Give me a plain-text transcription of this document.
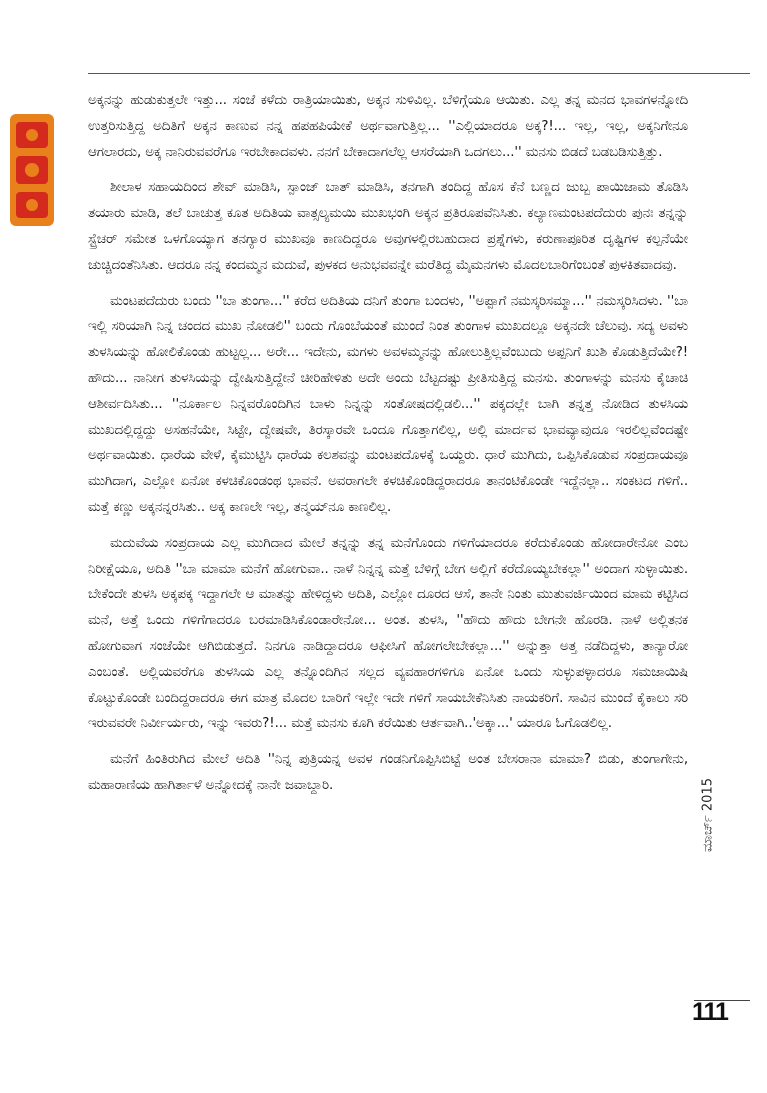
ಅಕ್ಕನನ್ನು ಹುಡುಕುತ್ತಲೇ ಇತ್ತು... ಸಂಜೆ ಕಳೆದು ರಾತ್ರಿಯಾಯಿತು, ಅಕ್ಕನ ಸುಳಿವಿಲ್ಲ. ಬೆಳಿಗ್ಗೆಯೂ ಆಯಿತು. ಎಲ್ಲ ತನ್ನ ಮನದ ಭಾವಗಳನ್ನೋದಿ ಉತ್ತರಿಸುತ್ತಿದ್ದ ಅದಿತಿಗೆ ಅಕ್ಕನ ಕಾಣುವ ನನ್ನ ಹಪಹಪಿಯೇಕೆ ಅರ್ಥವಾಗುತ್ತಿಲ್ಲ... ''ಎಲ್ಲಿಯಾದರೂ ಅಕ್ಕ?!... ಇಲ್ಲ, ಇಲ್ಲ, ಅಕ್ಕನಿಗೇನೂ ಆಗಲಾರದು, ಅಕ್ಕ ನಾನಿರುವವರೆಗೂ ಇರಬೇಕಾದವಳು. ನನಗೆ ಬೇಕಾದಾಗಲೆಲ್ಲ ಆಸರೆಯಾಗಿ ಒದಗಲು...'' ಮನಸು ಬಿಡದೆ ಬಡಬಡಿಸುತ್ತಿತ್ತು.

ಶೀಲಾಳ ಸಹಾಯದಿಂದ ಶೇವ್ ಮಾಡಿಸಿ, ಸ್ಪಾಂಜ್ ಬಾತ್ ಮಾಡಿಸಿ, ತನಗಾಗಿ ತಂದಿದ್ದ ಹೊಸ ಕೆನೆ ಬಣ್ಣದ ಜುಬ್ಬ ಪಾಯಿಜಾಮ ತೊಡಿಸಿ ತಯಾರು ಮಾಡಿ, ತಲೆ ಬಾಚುತ್ತ ಕೂತ ಅದಿತಿಯ ವಾತ್ಸಲ್ಯಮಯಿ ಮುಖಭಂಗಿ ಅಕ್ಕನ ಪ್ರತಿರೂಪವೆನಿಸಿತು. ಕಲ್ಯಾಣಮಂಟಪದೆದುರು ಪುನಃ ತನ್ನನ್ನು ಸ್ಟ್ರೆಚರ್ ಸಮೇತ ಒಳಗೊಯ್ಯಾಗ ತನಗ್ಯಾರ ಮುಖವೂ ಕಾಣದಿದ್ದರೂ ಅವುಗಳಲ್ಲಿರಬಹುದಾದ ಪ್ರಶ್ನೆಗಳು, ಕರುಣಾಪೂರಿತ ದೃಷ್ಟಿಗಳ ಕಲ್ಪನೆಯೇ ಚುಚ್ಚಿದಂತೆನಿಸಿತು. ಆದರೂ ನನ್ನ ಕಂದಮ್ಮನ ಮದುವೆ, ಪುಳಕದ ಅನುಭವವನ್ನೇ ಮರೆತಿದ್ದ ಮೈಮನಗಳು ಮೊದಲಬಾರಿಗೆಂಬಂತೆ ಪುಳಕಿತವಾದವು.

ಮಂಟಪದೆದುರು ಬಂದು ''ಬಾ ತುಂಗಾ...'' ಕರೆದ ಅದಿತಿಯ ದನಿಗೆ ತುಂಗಾ ಬಂದಳು, ''ಅಪ್ಪಾಗೆ ನಮಸ್ಕರಿಸಮ್ಮಾ...'' ನಮಸ್ಕರಿಸಿದಳು. ''ಬಾ ಇಲ್ಲಿ ಸರಿಯಾಗಿ ನಿನ್ನ ಚಂದದ ಮುಖ ನೋಡಲಿ'' ಬಂದು ಗೊಂಬೆಯಂತೆ ಮುಂದೆ ನಿಂತ ತುಂಗಾಳ ಮುಖದಲ್ಲೂ ಅಕ್ಕನದೇ ಚೆಲುವು. ಸದ್ಯ ಅವಳು ತುಳಸಿಯನ್ನು ಹೋಲಿಕೊಂಡು ಹುಟ್ಟಲ್ಲ... ಅರೇ... ಇದೇನು, ಮಗಳು ಅವಳಮ್ಮನನ್ನು ಹೋಲುತ್ತಿಲ್ಲವೆಂಬುದು ಅಪ್ಪನಿಗೆ ಖುಶಿ ಕೊಡುತ್ತಿದೆಯೇ?! ಹೌದು... ನಾನೀಗ ತುಳಸಿಯನ್ನು ದ್ವೇಷಿಸುತ್ತಿದ್ದೇನೆ ಚೀರಿಹೇಳಿತು ಅದೇ ಅಂದು ಬೆಟ್ಟದಷ್ಟು ಪ್ರೀತಿಸುತ್ತಿದ್ದ ಮನಸು. ತುಂಗಾಳನ್ನು ಮನಸು ಕೈಚಾಚಿ ಆಶೀರ್ವದಿಸಿತು... ''ನೂರ್ಕಾಲ ನಿನ್ನವರೊಂದಿಗಿನ ಬಾಳು ನಿನ್ನನ್ನು ಸಂತೋಷದಲ್ಲಿಡಲಿ...'' ಪಕ್ಕದಲ್ಲೇ ಬಾಗಿ ತನ್ನತ್ತ ನೋಡಿದ ತುಳಸಿಯ ಮುಖದಲ್ಲಿದ್ದದ್ದು ಅಸಹನೆಯೇ, ಸಿಟ್ಟೇ, ದ್ವೇಷವೇ, ತಿರಸ್ಕಾರವೇ ಒಂದೂ ಗೊತ್ತಾಗಲಿಲ್ಲ, ಅಲ್ಲಿ ಮಾರ್ದವ ಭಾವವ್ಯಾವುದೂ ಇರಲಿಲ್ಲವೆಂದಷ್ಟೇ ಅರ್ಥವಾಯಿತು. ಧಾರೆಯ ವೇಳೆ, ಕೈಮುಟ್ಟಿಸಿ ಧಾರೆಯ ಕಲಶವನ್ನು ಮಂಟಪದೊಳಕ್ಕೆ ಒಯ್ದರು. ಧಾರೆ ಮುಗಿದು, ಒಪ್ಪಿಸಿಕೊಡುವ ಸಂಪ್ರದಾಯವೂ ಮುಗಿದಾಗ, ಎಲ್ಲೋ ಏನೋ ಕಳಚಿಕೊಂಡಂಥ ಭಾವನೆ. ಅವರಾಗಲೇ ಕಳಚಿಕೊಂಡಿದ್ದರಾದರೂ ತಾನಂಟಿಕೊಂಡೇ ಇದ್ದೆನಲ್ಲಾ.. ಸಂಕಟದ ಗಳಿಗೆ.. ಮತ್ತೆ ಕಣ್ಣು ಅಕ್ಕನನ್ನರಸಿತು.. ಅಕ್ಕ ಕಾಣಲೇ ಇಲ್ಲ, ತನ್ಮಯ್‌ನೂ ಕಾಣಲಿಲ್ಲ.

ಮದುವೆಯ ಸಂಪ್ರದಾಯ ಎಲ್ಲ ಮುಗಿದಾದ ಮೇಲೆ ತನ್ನನ್ನು ತನ್ನ ಮನೆಗೊಂದು ಗಳಿಗೆಯಾದರೂ ಕರೆದುಕೊಂಡು ಹೋದಾರೇನೋ ಎಂಬ ನಿರೀಕ್ಷೆಯೂ, ಅದಿತಿ ''ಬಾ ಮಾಮಾ ಮನೆಗೆ ಹೋಗುವಾ.. ನಾಳೆ ನಿನ್ನನ್ನ ಮತ್ತೆ ಬೆಳಿಗ್ಗೆ ಬೇಗ ಅಲ್ಲಿಗೆ ಕರೆದೊಯ್ಯಬೇಕಲ್ಲಾ'' ಅಂದಾಗ ಸುಳ್ಳಾಯಿತು. ಬೇಕೆಂದೇ ತುಳಸಿ ಅಕ್ಕಪಕ್ಕ ಇದ್ದಾಗಲೇ ಆ ಮಾತನ್ನು ಹೇಳಿದ್ದಳು ಅದಿತಿ, ಎಲ್ಲೋ ದೂರದ ಆಸೆ, ತಾನೇ ನಿಂತು ಮುತುವರ್ಜಿಯಿಂದ ಮಾಮ ಕಟ್ಟಿಸಿದ ಮನೆ, ಅತ್ತೆ ಒಂದು ಗಳಿಗೆಗಾದರೂ ಬರಮಾಡಿಸಿಕೊಂಡಾರೇನೋ... ಅಂತ. ತುಳಸಿ, ''ಹೌದು ಹೌದು ಬೇಗನೇ ಹೊರಡಿ. ನಾಳೆ ಅಲ್ಲಿತನಕ ಹೋಗುವಾಗ ಸಂಜೆಯೇ ಆಗಿಬಿಡುತ್ತದೆ. ನಿನಗೂ ನಾಡಿದ್ದಾದರೂ ಆಫೀಸಿಗೆ ಹೋಗಲೇಬೇಕಲ್ಲಾ...'' ಅನ್ನುತ್ತಾ ಅತ್ತ ನಡೆದಿದ್ದಳು, ತಾನ್ಯಾರೋ ಎಂಬಂತೆ. ಅಲ್ಲಿಯವರೆಗೂ ತುಳಸಿಯ ಎಲ್ಲ ತನ್ನೊಂದಿಗಿನ ಸಲ್ಲದ ವ್ಯವಹಾರಗಳಿಗೂ ಏನೋ ಒಂದು ಸುಳ್ಳುಪಳ್ಳಾದರೂ ಸಮಜಾಯಿಷಿ ಕೊಟ್ಟುಕೊಂಡೇ ಬಂದಿದ್ದರಾದರೂ ಈಗ ಮಾತ್ರ ಮೊದಲ ಬಾರಿಗೆ ಇಲ್ಲೇ ಇದೇ ಗಳಿಗೆ ಸಾಯಬೇಕೆನಿಸಿತು ನಾಯಕರಿಗೆ. ಸಾವಿನ ಮುಂದೆ ಕೈಕಾಲು ಸರಿ ಇರುವವರೇ ನಿರ್ವೀರ್ಯರು, ಇನ್ನು ಇವರು?!... ಮತ್ತೆ ಮನಸು ಕೂಗಿ ಕರೆಯಿತು ಆರ್ತವಾಗಿ..'ಅಕ್ಕಾ...' ಯಾರೂ ಓಗೊಡಲಿಲ್ಲ.

ಮನೆಗೆ ಹಿಂತಿರುಗಿದ ಮೇಲೆ ಅದಿತಿ ''ನಿನ್ನ ಪುತ್ರಿಯನ್ನ ಅವಳ ಗಂಡನಿಗೊಪ್ಪಿಸಿಬಿಟ್ಟೆ ಅಂತ ಬೇಸರಾನಾ ಮಾಮಾ? ಬಿಡು, ತುಂಗಾಗೇನು, ಮಹಾರಾಣಿಯ ಹಾಗಿರ್ತಾಳೆ ಅನ್ನೋದಕ್ಕೆ ನಾನೇ ಜವಾಬ್ದಾರಿ.	ಮಾರ್ಚ್ 2015
111
